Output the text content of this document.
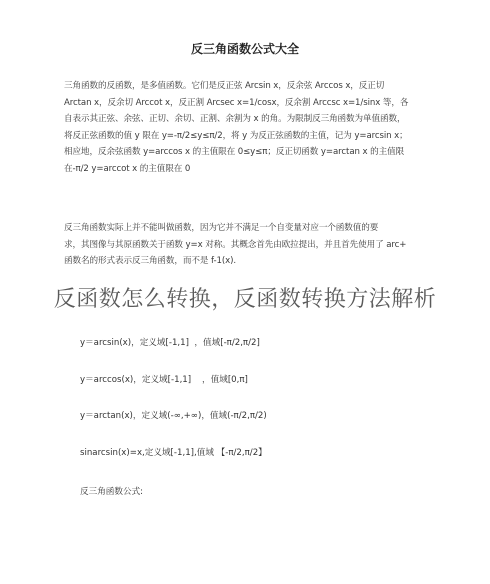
反三角函数公式大全
三角函数的反函数，是多值函数。它们是反正弦 Arcsin x，反余弦 Arccos x，反正切
Arctan x，反余切 Arccot x，反正割 Arcsec x=1/cosx，反余割 Arccsc x=1/sinx 等，各
自表示其正弦、余弦、正切、余切、正割、余割为 x 的角。为限制反三角函数为单值函数，
将反正弦函数的值 y 限在 y=-π/2≤y≤π/2，将 y 为反正弦函数的主值，记为 y=arcsin x；
相应地，反余弦函数 y=arccos x 的主值限在 0≤y≤π；反正切函数 y=arctan x 的主值限
在-π/2 y=arccot x 的主值限在 0
反三角函数实际上并不能叫做函数，因为它并不满足一个自变量对应一个函数值的要
求，其图像与其原函数关于函数 y=x 对称。其概念首先由欧拉提出，并且首先使用了 arc+
函数名的形式表示反三角函数，而不是 f-1(x).
反函数怎么转换，反函数转换方法解析
y＝arcsin(x)，定义域[-1,1]  ，值域[-π/2,π/2]
y＝arccos(x)，定义域[-1,1]    ，值域[0,π]
y＝arctan(x)，定义域(-∞,+∞)，值域(-π/2,π/2)
sinarcsin(x)=x,定义域[-1,1],值域 【-π/2,π/2】
反三角函数公式:
